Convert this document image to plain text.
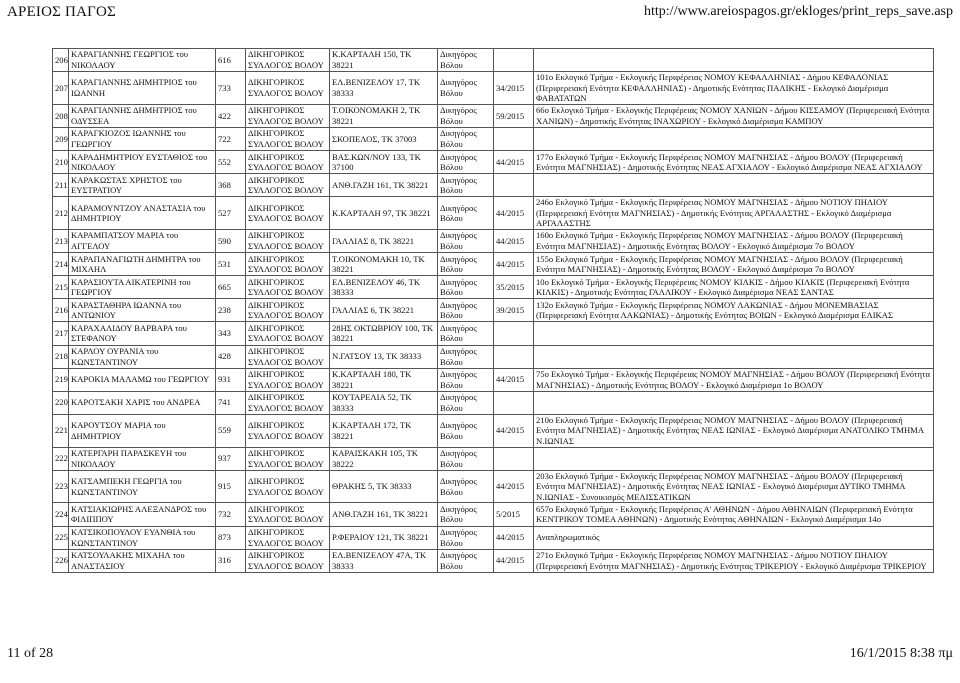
ΑΡΕΙΟΣ ΠΑΓΟΣ	http://www.areiospagos.gr/ekloges/print_reps_save.asp
206	ΚΑΡΑΓΙΑΝΝΗΣ ΓΕΩΡΓΙΟΣ του ΝΙΚΟΛΑΟΥ	616	ΔΙΚΗΓΟΡΙΚΟΣ ΣΥΛΛΟΓΟΣ ΒΟΛΟΥ	Κ.ΚΑΡΤΑΛΗ 150, ΤΚ 38221	Δικηγόρος Βόλου		
207	ΚΑΡΑΓΙΑΝΝΗΣ ΔΗΜΗΤΡΙΟΣ του ΙΩΑΝΝΗ	733	ΔΙΚΗΓΟΡΙΚΟΣ ΣΥΛΛΟΓΟΣ ΒΟΛΟΥ	ΕΛ.ΒΕΝΙΖΕΛΟΥ 17, ΤΚ 38333	Δικηγόρος Βόλου	34/2015	101ο Εκλογικό Τμήμα - Εκλογικής Περιφέρειας ΝΟΜΟΥ ΚΕΦΑΛΛΗΝΙΑΣ - Δήμου ΚΕΦΑΛΟΝΙΑΣ (Περιφερειακή Ενότητα ΚΕΦΑΛΛΗΝΙΑΣ) - Δημοτικής Ενότητας ΠΑΛΙΚΗΣ - Εκλογικό Διαμέρισμα ΦΑΒΑΤΑΤΩΝ
208	ΚΑΡΑΓΙΑΝΝΗΣ ΔΗΜΗΤΡΙΟΣ του ΟΔΥΣΣΕΑ	422	ΔΙΚΗΓΟΡΙΚΟΣ ΣΥΛΛΟΓΟΣ ΒΟΛΟΥ	Τ.ΟΙΚΟΝΟΜΑΚΗ 2, ΤΚ 38221	Δικηγόρος Βόλου	59/2015	66ο Εκλογικό Τμήμα - Εκλογικής Περιφέρειας ΝΟΜΟΥ ΧΑΝΙΩΝ - Δήμου ΚΙΣΣΑΜΟΥ (Περιφερειακή Ενότητα ΧΑΝΙΩΝ) - Δημοτικής Ενότητας ΙΝΑΧΩΡΙΟΥ - Εκλογικό Διαμέρισμα ΚΑΜΠΟΥ
209	ΚΑΡΑΓΚΙΟΖΟΣ ΙΩΑΝΝΗΣ του ΓΕΩΡΓΙΟΥ	722	ΔΙΚΗΓΟΡΙΚΟΣ ΣΥΛΛΟΓΟΣ ΒΟΛΟΥ	ΣΚΟΠΕΛΟΣ, ΤΚ 37003	Δικηγόρος Βόλου		
210	ΚΑΡΑΔΗΜΗΤΡΙΟΥ ΕΥΣΤΑΘΙΟΣ του ΝΙΚΟΛΑΟΥ	552	ΔΙΚΗΓΟΡΙΚΟΣ ΣΥΛΛΟΓΟΣ ΒΟΛΟΥ	ΒΑΣ.ΚΩΝ/ΝΟΥ 133, ΤΚ 37100	Δικηγόρος Βόλου	44/2015	177ο Εκλογικό Τμήμα - Εκλογικής Περιφέρειας ΝΟΜΟΥ ΜΑΓΝΗΣΙΑΣ - Δήμου ΒΟΛΟΥ (Περιφερειακή Ενότητα ΜΑΓΝΗΣΙΑΣ) - Δημοτικής Ενότητας ΝΕΑΣ ΑΓΧΙΑΛΟΥ - Εκλογικό Διαμέρισμα ΝΕΑΣ ΑΓΧΙΑΛΟΥ
211	ΚΑΡΑΚΩΣΤΑΣ ΧΡΗΣΤΟΣ του ΕΥΣΤΡΑΤΙΟΥ	368	ΔΙΚΗΓΟΡΙΚΟΣ ΣΥΛΛΟΓΟΣ ΒΟΛΟΥ	ΑΝΘ.ΓΑΖΗ 161, ΤΚ 38221	Δικηγόρος Βόλου		
212	ΚΑΡΑΜΟΥΝΤΖΟΥ ΑΝΑΣΤΑΣΙΑ του ΔΗΜΗΤΡΙΟΥ	527	ΔΙΚΗΓΟΡΙΚΟΣ ΣΥΛΛΟΓΟΣ ΒΟΛΟΥ	Κ.ΚΑΡΤΑΛΗ 97, ΤΚ 38221	Δικηγόρος Βόλου	44/2015	246ο Εκλογικό Τμήμα - Εκλογικής Περιφέρειας ΝΟΜΟΥ ΜΑΓΝΗΣΙΑΣ - Δήμου ΝΟΤΙΟΥ ΠΗΛΙΟΥ (Περιφερειακή Ενότητα ΜΑΓΝΗΣΙΑΣ) - Δημοτικής Ενότητας ΑΡΓΑΛΑΣΤΗΣ - Εκλογικό Διαμέρισμα ΑΡΓΑΛΑΣΤΗΣ
213	ΚΑΡΑΜΠΑΤΣΟΥ ΜΑΡΙΑ του ΑΓΓΕΛΟΥ	590	ΔΙΚΗΓΟΡΙΚΟΣ ΣΥΛΛΟΓΟΣ ΒΟΛΟΥ	ΓΑΛΛΙΑΣ 8, ΤΚ 38221	Δικηγόρος Βόλου	44/2015	160ο Εκλογικό Τμήμα - Εκλογικής Περιφέρειας ΝΟΜΟΥ ΜΑΓΝΗΣΙΑΣ - Δήμου ΒΟΛΟΥ (Περιφερειακή Ενότητα ΜΑΓΝΗΣΙΑΣ) - Δημοτικής Ενότητας ΒΟΛΟΥ - Εκλογικό Διαμέρισμα 7ο ΒΟΛΟΥ
214	ΚΑΡΑΠΑΝΑΓΙΩΤΗ ΔΗΜΗΤΡΑ του ΜΙΧΑΗΛ	531	ΔΙΚΗΓΟΡΙΚΟΣ ΣΥΛΛΟΓΟΣ ΒΟΛΟΥ	Τ.ΟΙΚΟΝΟΜΑΚΗ 10, ΤΚ 38221	Δικηγόρος Βόλου	44/2015	155ο Εκλογικό Τμήμα - Εκλογικής Περιφέρειας ΝΟΜΟΥ ΜΑΓΝΗΣΙΑΣ - Δήμου ΒΟΛΟΥ (Περιφερειακή Ενότητα ΜΑΓΝΗΣΙΑΣ) - Δημοτικής Ενότητας ΒΟΛΟΥ - Εκλογικό Διαμέρισμα 7ο ΒΟΛΟΥ
215	ΚΑΡΑΣΙΟΥΤΑ ΑΙΚΑΤΕΡΙΝΗ του ΓΕΩΡΓΙΟΥ	665	ΔΙΚΗΓΟΡΙΚΟΣ ΣΥΛΛΟΓΟΣ ΒΟΛΟΥ	ΕΛ.ΒΕΝΙΖΕΛΟΥ 46, ΤΚ 38333	Δικηγόρος Βόλου	35/2015	10ο Εκλογικό Τμήμα - Εκλογικής Περιφέρειας ΝΟΜΟΥ ΚΙΛΚΙΣ - Δήμου ΚΙΛΚΙΣ (Περιφερειακή Ενότητα ΚΙΛΚΙΣ) - Δημοτικής Ενότητας ΓΑΛΛΙΚΟΥ - Εκλογικό Διαμέρισμα ΝΕΑΣ ΣΑΝΤΑΣ
216	ΚΑΡΑΣΤΑΘΗΡΑ ΙΩΑΝΝΑ του ΑΝΤΩΝΙΟΥ	238	ΔΙΚΗΓΟΡΙΚΟΣ ΣΥΛΛΟΓΟΣ ΒΟΛΟΥ	ΓΑΛΛΙΑΣ 6, ΤΚ 38221	Δικηγόρος Βόλου	39/2015	132ο Εκλογικό Τμήμα - Εκλογικής Περιφέρειας ΝΟΜΟΥ ΛΑΚΩΝΙΑΣ - Δήμου ΜΟΝΕΜΒΑΣΙΑΣ (Περιφερειακή Ενότητα ΛΑΚΩΝΙΑΣ) - Δημοτικής Ενότητας ΒΟΙΩΝ - Εκλογικό Διαμέρισμα ΕΛΙΚΑΣ
217	ΚΑΡΑΧΑΛΙΔΟΥ ΒΑΡΒΑΡΑ του ΣΤΕΦΑΝΟΥ	343	ΔΙΚΗΓΟΡΙΚΟΣ ΣΥΛΛΟΓΟΣ ΒΟΛΟΥ	28ΗΣ ΟΚΤΩΒΡΙΟΥ 100, ΤΚ 38221	Δικηγόρος Βόλου		
218	ΚΑΡΛΟΥ ΟΥΡΑΝΙΑ του ΚΩΝΣΤΑΝΤΙΝΟΥ	428	ΔΙΚΗΓΟΡΙΚΟΣ ΣΥΛΛΟΓΟΣ ΒΟΛΟΥ	Ν.ΓΑΤΣΟΥ 13, ΤΚ 38333	Δικηγόρος Βόλου		
219	ΚΑΡΟΚΙΑ ΜΑΛΑΜΩ του ΓΕΩΡΓΙΟΥ	931	ΔΙΚΗΓΟΡΙΚΟΣ ΣΥΛΛΟΓΟΣ ΒΟΛΟΥ	Κ.ΚΑΡΤΑΛΗ 180, ΤΚ 38221	Δικηγόρος Βόλου	44/2015	75ο Εκλογικό Τμήμα - Εκλογικής Περιφέρειας ΝΟΜΟΥ ΜΑΓΝΗΣΙΑΣ - Δήμου ΒΟΛΟΥ (Περιφερειακή Ενότητα ΜΑΓΝΗΣΙΑΣ) - Δημοτικής Ενότητας ΒΟΛΟΥ - Εκλογικό Διαμέρισμα 1ο ΒΟΛΟΥ
220	ΚΑΡΟΤΣΑΚΗ ΧΑΡΙΣ του ΑΝΔΡΕΑ	741	ΔΙΚΗΓΟΡΙΚΟΣ ΣΥΛΛΟΓΟΣ ΒΟΛΟΥ	ΚΟΥΤΑΡΕΛΙΑ 52, ΤΚ 38333	Δικηγόρος Βόλου		
221	ΚΑΡΟΥΤΣΟΥ ΜΑΡΙΑ του ΔΗΜΗΤΡΙΟΥ	559	ΔΙΚΗΓΟΡΙΚΟΣ ΣΥΛΛΟΓΟΣ ΒΟΛΟΥ	Κ.ΚΑΡΤΑΛΗ 172, ΤΚ 38221	Δικηγόρος Βόλου	44/2015	210ο Εκλογικό Τμήμα - Εκλογικής Περιφέρειας ΝΟΜΟΥ ΜΑΓΝΗΣΙΑΣ - Δήμου ΒΟΛΟΥ (Περιφερειακή Ενότητα ΜΑΓΝΗΣΙΑΣ) - Δημοτικής Ενότητας ΝΕΑΣ ΙΩΝΙΑΣ - Εκλογικό Διαμέρισμα ΑΝΑΤΟΛΙΚΟ ΤΜΗΜΑ Ν.ΙΩΝΙΑΣ
222	ΚΑΤΕΡΓΑΡΗ ΠΑΡΑΣΚΕΥΗ του ΝΙΚΟΛΑΟΥ	937	ΔΙΚΗΓΟΡΙΚΟΣ ΣΥΛΛΟΓΟΣ ΒΟΛΟΥ	ΚΑΡΑΙΣΚΑΚΗ 105, ΤΚ 38222	Δικηγόρος Βόλου		
223	ΚΑΤΣΑΜΠΕΚΗ ΓΕΩΡΓΙΑ του ΚΩΝΣΤΑΝΤΙΝΟΥ	915	ΔΙΚΗΓΟΡΙΚΟΣ ΣΥΛΛΟΓΟΣ ΒΟΛΟΥ	ΘΡΑΚΗΣ 5, ΤΚ 38333	Δικηγόρος Βόλου	44/2015	203ο Εκλογικό Τμήμα - Εκλογικής Περιφέρειας ΝΟΜΟΥ ΜΑΓΝΗΣΙΑΣ - Δήμου ΒΟΛΟΥ (Περιφερειακή Ενότητα ΜΑΓΝΗΣΙΑΣ) - Δημοτικής Ενότητας ΝΕΑΣ ΙΩΝΙΑΣ - Εκλογικό Διαμέρισμα ΔΥΤΙΚΟ ΤΜΗΜΑ Ν.ΙΩΝΙΑΣ - Συνοικισμός ΜΕΛΙΣΣΑΤΙΚΩΝ
224	ΚΑΤΣΙΑΚΙΩΡΗΣ ΑΛΕΞΑΝΔΡΟΣ του ΦΙΛΙΠΠΟΥ	732	ΔΙΚΗΓΟΡΙΚΟΣ ΣΥΛΛΟΓΟΣ ΒΟΛΟΥ	ΑΝΘ.ΓΑΖΗ 161, ΤΚ 38221	Δικηγόρος Βόλου	5/2015	657ο Εκλογικό Τμήμα - Εκλογικής Περιφέρειας Α' ΑΘΗΝΩΝ - Δήμου ΑΘΗΝΑΙΩΝ (Περιφερειακή Ενότητα ΚΕΝΤΡΙΚΟΥ ΤΟΜΕΑ ΑΘΗΝΩΝ) - Δημοτικής Ενότητας ΑΘΗΝΑΙΩΝ - Εκλογικό Διαμέρισμα 14ο
225	ΚΑΤΣΙΚΟΠΟΥΛΟΥ ΕΥΑΝΘΙΑ του ΚΩΝΣΤΑΝΤΙΝΟΥ	873	ΔΙΚΗΓΟΡΙΚΟΣ ΣΥΛΛΟΓΟΣ ΒΟΛΟΥ	Ρ.ΦΕΡΑΙΟΥ 121, ΤΚ 38221	Δικηγόρος Βόλου	44/2015	Αναπληρωματικός
226	ΚΑΤΣΟΥΛΑΚΗΣ ΜΙΧΑΗΛ του ΑΝΑΣΤΑΣΙΟΥ	316	ΔΙΚΗΓΟΡΙΚΟΣ ΣΥΛΛΟΓΟΣ ΒΟΛΟΥ	ΕΛ.ΒΕΝΙΖΕΛΟΥ 47Α, ΤΚ 38333	Δικηγόρος Βόλου	44/2015	271ο Εκλογικό Τμήμα - Εκλογικής Περιφέρειας ΝΟΜΟΥ ΜΑΓΝΗΣΙΑΣ - Δήμου ΝΟΤΙΟΥ ΠΗΛΙΟΥ (Περιφερειακή Ενότητα ΜΑΓΝΗΣΙΑΣ) - Δημοτικής Ενότητας ΤΡΙΚΕΡΙΟΥ - Εκλογικό Διαμέρισμα ΤΡΙΚΕΡΙΟΥ
11 of 28	16/1/2015 8:38 πμ
